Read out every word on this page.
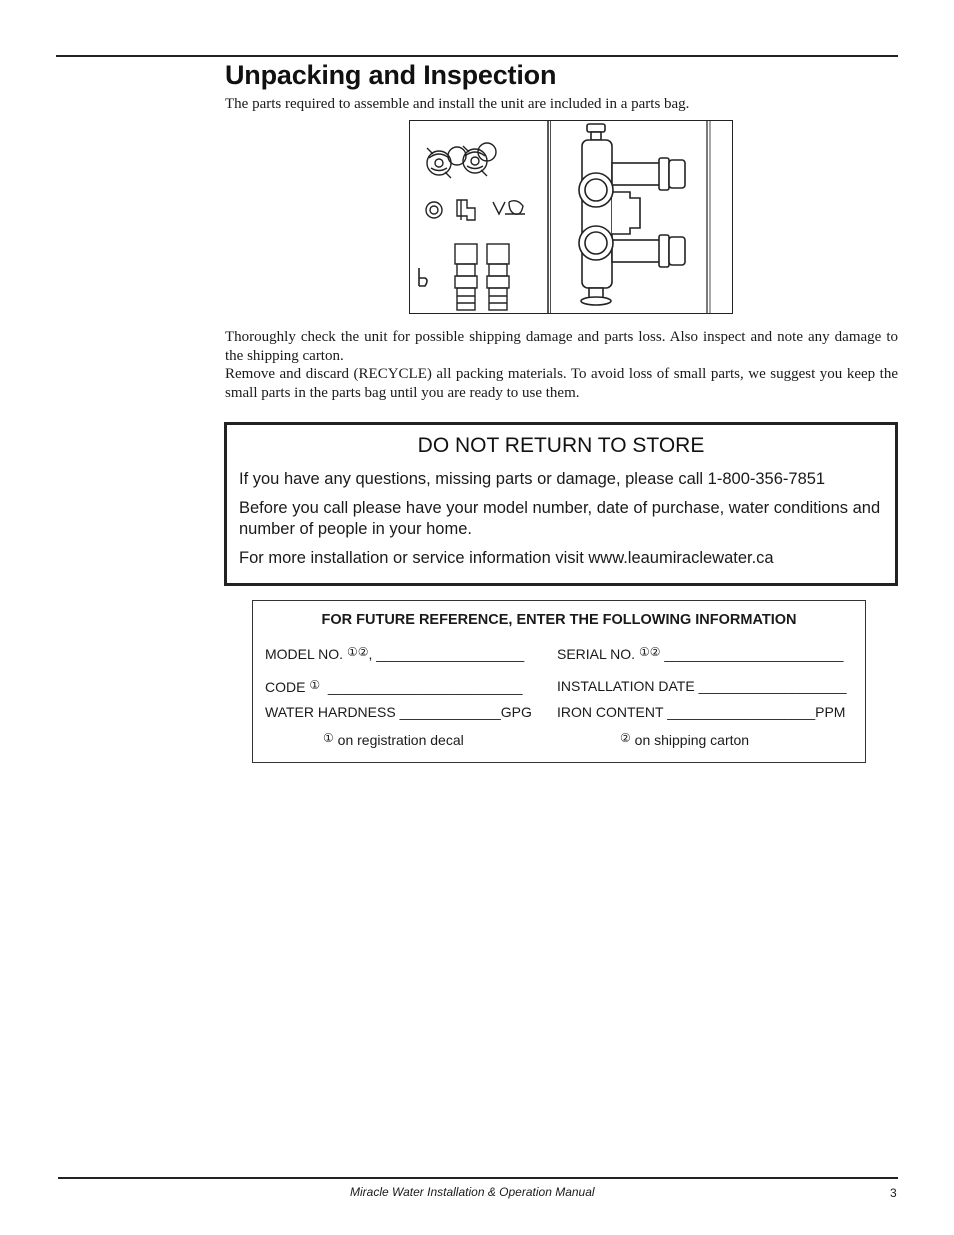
Unpacking and Inspection
The parts required to assemble and install the unit are included in a parts bag.

Thoroughly check the unit for possible shipping damage and parts loss. Also inspect and note any damage to the shipping carton.

Remove and discard (RECYCLE) all packing materials. To avoid loss of small parts, we suggest you keep the small parts in the parts bag until you are ready to use them.

DO NOT RETURN TO STORE

If you have any questions, missing parts or damage, please call 1-800-356-7851

Before you call please have your model number, date of purchase, water conditions and number of people in your home.

For more installation or service information visit www.leaumiraclewater.ca

FOR FUTURE REFERENCE, ENTER THE FOLLOWING INFORMATION
MODEL NO. ①②, ___________________ SERIAL NO. ①② _______________________
CODE ①  _________________________ INSTALLATION DATE ___________________
WATER HARDNESS _____________GPG IRON CONTENT ___________________PPM
① on registration decal	② on shipping carton
Miracle Water Installation & Operation Manual	3
